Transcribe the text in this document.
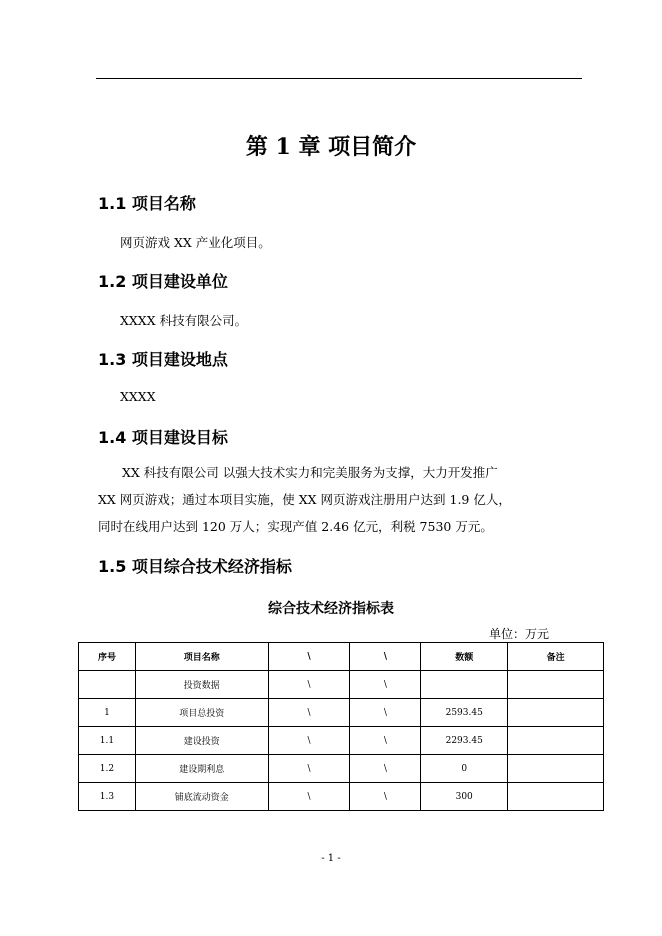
第 1 章 项目简介
1.1 项目名称
网页游戏 XX 产业化项目。
1.2 项目建设单位
XXXX 科技有限公司。
1.3 项目建设地点
XXXX
1.4 项目建设目标
XX 科技有限公司 以强大技术实力和完美服务为支撑，大力开发推广
XX 网页游戏；通过本项目实施，使 XX 网页游戏注册用户达到 1.9 亿人，
同时在线用户达到 120 万人；实现产值 2.46 亿元，利税 7530 万元。
1.5 项目综合技术经济指标
综合技术经济指标表
单位：万元
序号	项目名称	\	\	数额	备注
	投资数据	\	\		
1	项目总投资	\	\	2593.45	
1.1	建设投资	\	\	2293.45	
1.2	建设期利息	\	\	0	
1.3	铺底流动资金	\	\	300	
- 1 -
